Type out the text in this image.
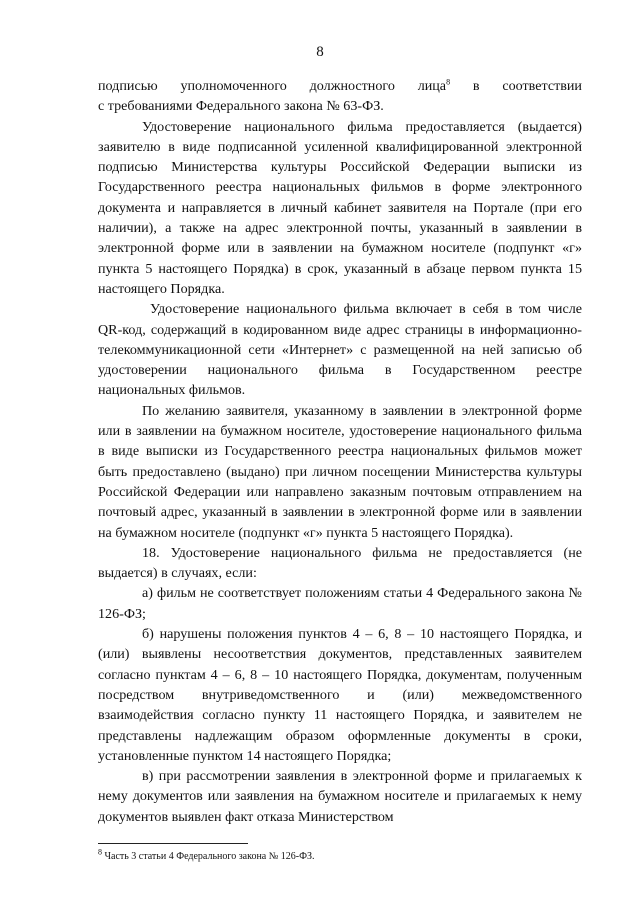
8
подписью уполномоченного должностного лица$^8$ в соответствии

с требованиями Федерального закона № 63-ФЗ.

Удостоверение национального фильма предоставляется (выдается) заявителю в виде подписанной усиленной квалифицированной электронной подписью Министерства культуры Российской Федерации выписки из Государственного реестра национальных фильмов в форме электронного документа и направляется в личный кабинет заявителя на Портале (при его наличии), а также на адрес электронной почты, указанный в заявлении в электронной форме или в заявлении на бумажном носителе (подпункт «г» пункта 5 настоящего Порядка) в срок, указанный в абзаце первом пункта 15 настоящего Порядка.

Удостоверение национального фильма включает в себя в том числе QR-код, содержащий в кодированном виде адрес страницы в информационно-телекоммуникационной сети «Интернет» с размещенной на ней записью об удостоверении национального фильма в Государственном реестре национальных фильмов.

По желанию заявителя, указанному в заявлении в электронной форме или в заявлении на бумажном носителе, удостоверение национального фильма в виде выписки из Государственного реестра национальных фильмов может быть предоставлено (выдано) при личном посещении Министерства культуры Российской Федерации или направлено заказным почтовым отправлением на почтовый адрес, указанный в заявлении в электронной форме или в заявлении на бумажном носителе (подпункт «г» пункта 5 настоящего Порядка).

18. Удостоверение национального фильма не предоставляется (не выдается) в случаях, если:

а) фильм не соответствует положениям статьи 4 Федерального закона № 126-ФЗ;

б) нарушены положения пунктов 4 – 6, 8 – 10 настоящего Порядка, и (или) выявлены несоответствия документов, представленных заявителем согласно пунктам 4 – 6, 8 – 10 настоящего Порядка, документам, полученным посредством внутриведомственного и (или) межведомственного взаимодействия согласно пункту 11 настоящего Порядка, и заявителем не представлены надлежащим образом оформленные документы в сроки, установленные пунктом 14 настоящего Порядка;

в) при рассмотрении заявления в электронной форме и прилагаемых к нему документов или заявления на бумажном носителе и прилагаемых к нему документов выявлен факт отказа Министерством

$^8$ Часть 3 статьи 4 Федерального закона № 126-ФЗ.
